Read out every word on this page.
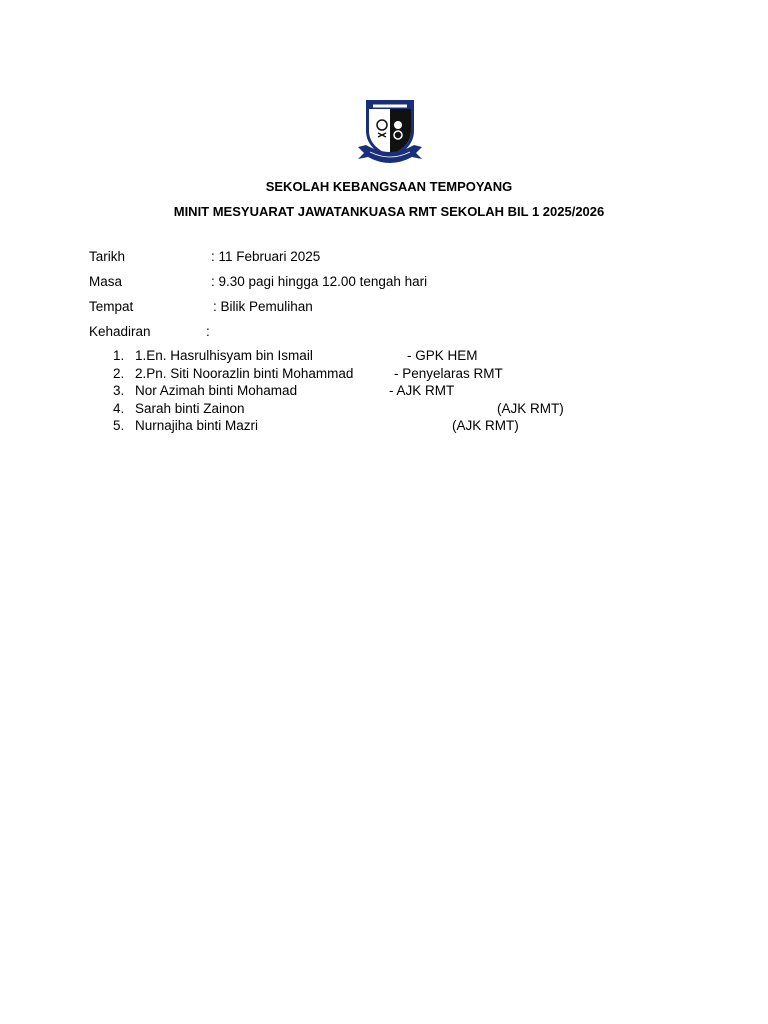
SEKOLAH KEBANGSAAN TEMPOYANG
MINIT MESYUARAT JAWATANKUASA RMT SEKOLAH BIL 1 2025/2026
Tarikh	: 11 Februari 2025
Masa	: 9.30 pagi hingga 12.00 tengah hari
Tempat	: Bilik Pemulihan
Kehadiran	:
1. 1.En. Hasrulhisyam bin Ismail	- GPK HEM
2. 2.Pn. Siti Noorazlin binti Mohammad	- Penyelaras RMT
3. Nor Azimah binti Mohamad	- AJK RMT
4. Sarah binti Zainon	(AJK RMT)
5. Nurnajiha binti Mazri	(AJK RMT)
